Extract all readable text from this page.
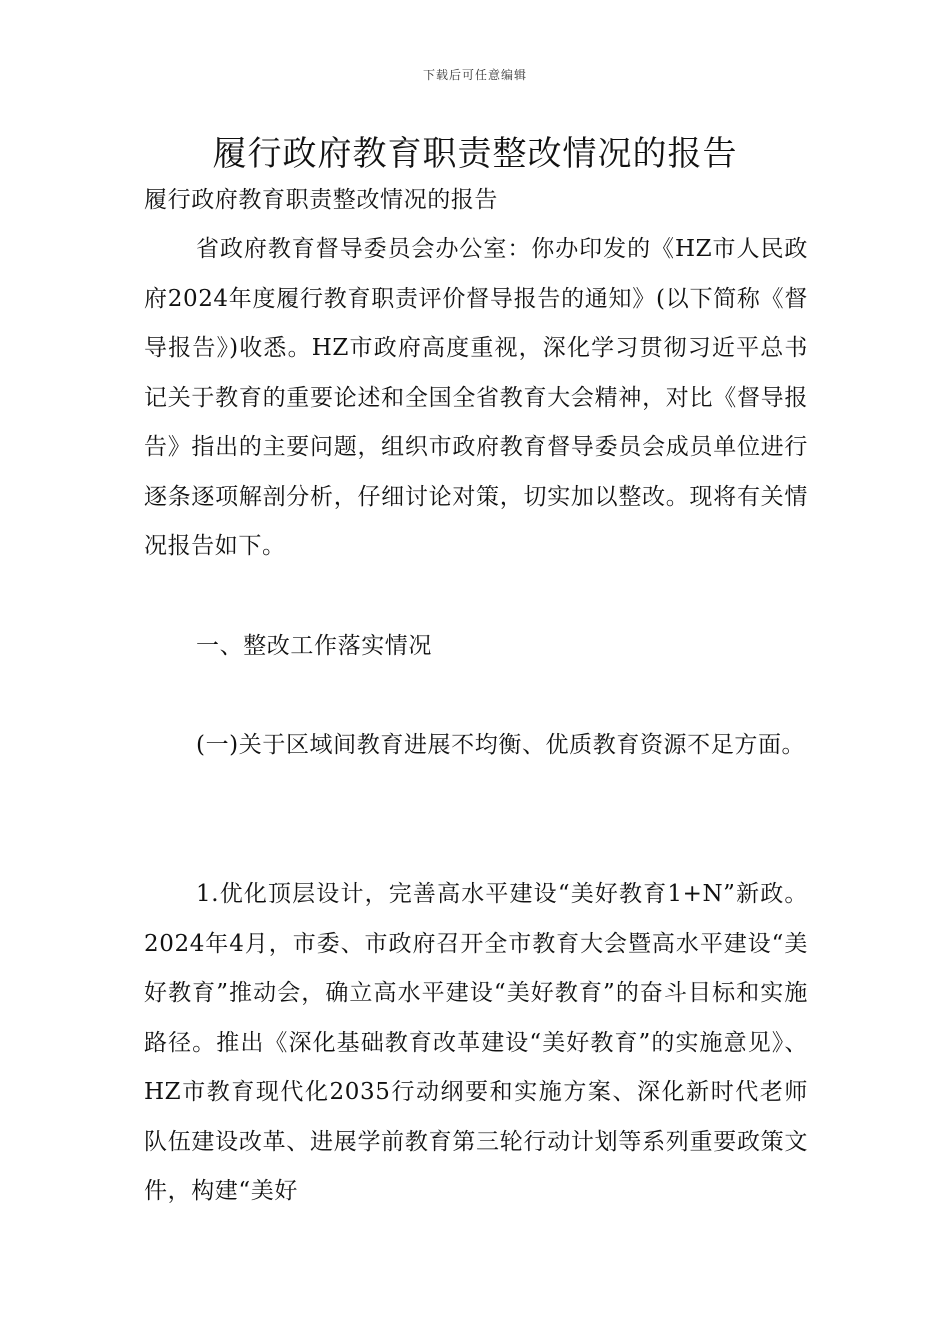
下载后可任意编辑
履行政府教育职责整改情况的报告

履行政府教育职责整改情况的报告

省政府教育督导委员会办公室：你办印发的《HZ市人民政府2024年度履行教育职责评价督导报告的通知》(以下简称《督导报告》)收悉。HZ市政府高度重视，深化学习贯彻习近平总书记关于教育的重要论述和全国全省教育大会精神，对比《督导报告》指出的主要问题，组织市政府教育督导委员会成员单位进行逐条逐项解剖分析，仔细讨论对策，切实加以整改。现将有关情况报告如下。

一、整改工作落实情况

(一)关于区域间教育进展不均衡、优质教育资源不足方面。

1.优化顶层设计，完善高水平建设“美好教育1+N”新政。2024年4月，市委、市政府召开全市教育大会暨高水平建设“美好教育”推动会，确立高水平建设“美好教育”的奋斗目标和实施路径。推出《深化基础教育改革建设“美好教育”的实施意见》、HZ市教育现代化2035行动纲要和实施方案、深化新时代老师队伍建设改革、进展学前教育第三轮行动计划等系列重要政策文件，构建“美好
